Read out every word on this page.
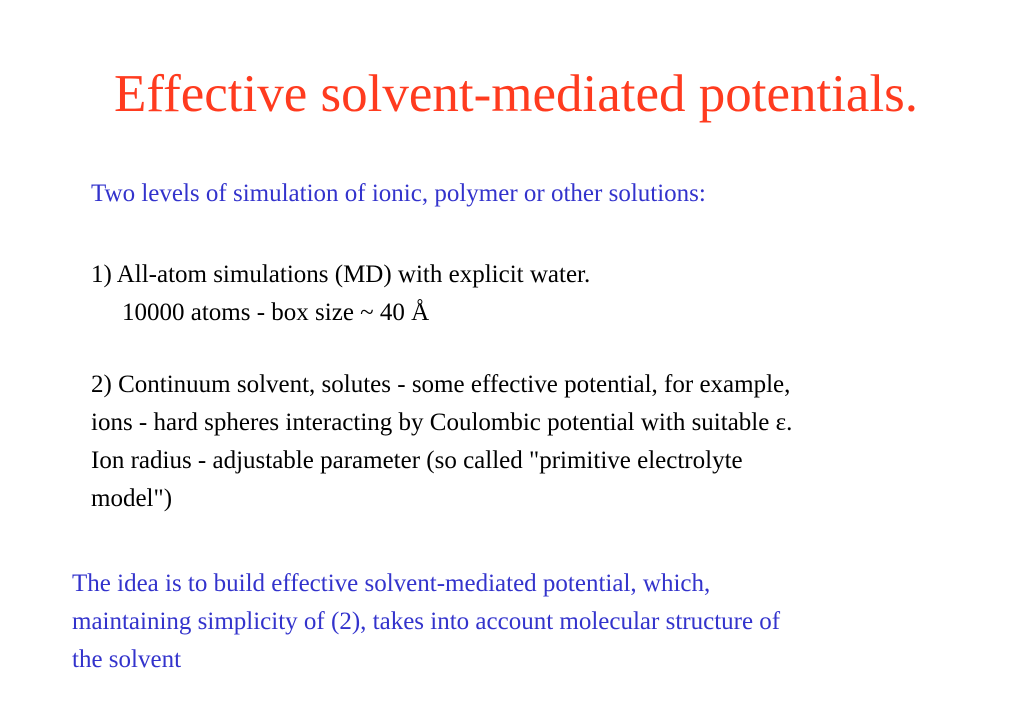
Effective solvent-mediated potentials.
Two levels of simulation of ionic, polymer or other solutions:
1) All-atom simulations (MD) with explicit water.
10000 atoms - box size ~ 40 Å
2) Continuum solvent, solutes - some effective potential, for example,
ions - hard spheres interacting by Coulombic potential with suitable ε.
Ion radius - adjustable parameter (so called "primitive electrolyte
model")
The idea is to build effective solvent-mediated potential, which,
maintaining simplicity of (2), takes into account molecular structure of
the solvent
